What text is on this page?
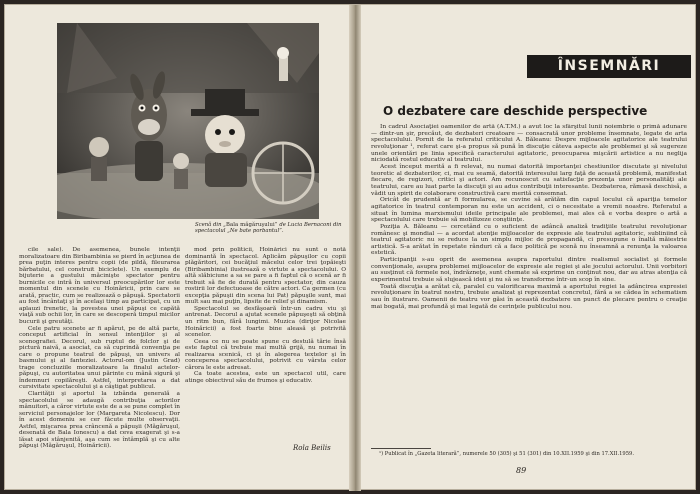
Scenă din „Bala măgăruşului” de Lucia Bernaconi din spectacolul „Ne bate porbantul”.

cile sale). De asemenea, bunele intenţii moralizatoare din Biribambinia se pierd în acţiunea de prea puţin interes pentru copii (de pildă, fileurarea bărbatului, cel construit biciclete). Un exemplu de bijuterie a gustului măcinişte spectator pentru burnicile ce intră în universul preocupărilor lor este momentul din scenele cu Hoinăricii, prin care se arată, practic, cum se realizează o păpuşă. Spectatorii au fost încântaţi şi în acelaşi timp au participat, cu un aplauzi frenetic, la povestea unei păpuşi ce capătă viaţă sub ochii lor, în care se descoperă timpul micilor bucurii şi greutăţi.

Cele patru scenete ar fi apărut, pe de altă parte, conceput artificial în sensul intenţiilor şi al scenografiei. Decorul, sub ruptul de folclor şi de pictură naivă, a asociat, ca să cuprindă convenţia pe care o propune teatrul de păpuşi, un univers al basmului şi al fanteziei. Actorul-om (Justin Grad) trage concluziile moralizatoare la finalul actelor-păpuşi, cu autoritatea unui părinte cu mână sigură şi îndemnuri copilăreşti. Astfel, interpretarea a dat cursivitate spectacolului şi a câştigat publicul.

Clarităţii şi aportul la izbânda generală a spectacolului se adaugă contribuţia actorilor mânuitori, a căror virtute este de a se pune complet în serviciul personajelor lor (Margareta Nicolescu). Dor în acest domeniu se cer făcute multe observaţii. Astfel, mişcarea prea crâncenă a păpuşii (Măgăruşul, desenată de Bala Ionescu) a dat ceva exagerat şi s-a lăsat apoi stânjenită, aşa cum se întâmplă şi cu alte păpuşi (Măgăruşul, Hoinăricii).

mod prin politicii, Hoinărici nu sunt o notă dominantă în spectacol. Aplicăm păpuşilor cu copii plăgăritori, cei bucăţiul măcelui celor trei ţopăieşti (Biribambinia) ilustrează o virtute a spectacolului. O altă slăbiciune a sa se pare a fi faptul că o scenă ar fi trebuit să fie de durată pentru spectator, din cauza rostirii lor defectuoase de către actori. Ca germen (cu excepţia păpuşii din scena lui Pat) păpuşile sunt, mai mult sau mai puţin, lipsite de relief şi dinamism.

Spectacolul se desfăşoară într-un cadru viu şi antrenat. Decorul a ajutat scenele păpuşeşti să obţină un ritm bun, fără lungimi. Muzica (dirijor Nicolae Hoinăricii) a fost foarte bine aleasă şi potrivită scenelor.

Ceea ce nu se poate spune cu destulă tărie însă este faptul că trebuie mai multă grijă, nu numai în realizarea scenică, ci şi în alegerea textelor şi în conceperea spectacolului, potrivit cu vârsta celor cărora le este adresat.

Ca toate acestea, este un spectacol util, care atinge obiectivul său de frumos şi educativ.

Rola Beilis
ÎNSEMNĂRI
O dezbatere care deschide perspective

În cadrul Asociaţiei oamenilor de artă (A.T.M.) a avut loc la sfârşitul lunii noiembrie o primă adunare — dintr-un şir, precăut, de dezbateri creatoare — consacrată unor probleme însemnate, legate de arta spectacolului. Pornit de la referatul criticului A. Băleanu: Despre mijloacele agitatorice ale teatrului revoluţionar ¹, referat care şi-a propus să pună în discuţie câteva aspecte ale problemei şi să sugereze unele orientări pe linia specifică caracterului agitatoric, preocuparea mişcării artistice a nu neglija niciodată rostul educativ al teatrului.

Acest început merită a fi relevat, nu numai datorită importanţei chestiunilor discutate şi nivelului teoretic al dezbaterilor, ci, mai cu seamă, datorită interesului larg faţă de această problemă, manifestat fiecare, de regizori, critici şi actori. Am recunoscut cu satisfacţie prezenţa unor personalităţi ale teatrului, care au luat parte la discuţii şi au adus contribuţii interesante. Dezbaterea, rămasă deschisă, a vădit un spirit de colaborare constructivă care merită consemnat.

Oricât de prudentă ar fi formularea, se cuvine să arătăm din capul locului că apariţia temelor agitatorice în teatrul contemporan nu este un accident, ci o necesitate a vremii noastre. Referatul a situat în lumina marxismului ideile principale ale problemei, mai ales că e vorba despre o artă a spectacolului care trebuie să mobilizeze conştiinţe.

Poziţia A. Băleanu — cercetând cu o suficient de adâncă analiză tradiţiile teatrului revoluţionar românesc şi mondial — a acordat atenţie mijloacelor de expresie ale teatrului agitatoric, subliniind că teatrul agitatoric nu se reduce la un simplu mijloc de propagandă, ci presupune o înaltă măiestrie artistică. S-a arătat în repetate rânduri că a face politică pe scenă nu înseamnă a renunţa la valoarea estetică.

Participanţii s-au oprit de asemenea asupra raportului dintre realismul socialist şi formele convenţionale, asupra problemei mijloacelor de expresie ale regiei şi ale jocului actorului. Unii vorbitori au susţinut că formele noi, îndrăzneţe, sunt chemate să exprime un conţinut nou, dar au atras atenţia că experimentul trebuie să slujească ideii şi nu să se transforme într-un scop în sine.

Toată discuţia a arătat că, paralel cu valorificarea maximă a aportului regiei la adâncirea expresiei revoluţionare în teatrul nostru, trebuie analizat şi reprezentat concretul, fără a se cădea în schematism sau în ilustrare. Oamenii de teatru vor găsi în această dezbatere un punct de plecare pentru o creaţie mai bogată, mai profundă şi mai legată de cerinţele publicului nou.

¹) Publicat în „Gazeta literară”, numerele 50 (305) şi 51 (301) din 10.XII.1959 şi din 17.XII.1959.
89
